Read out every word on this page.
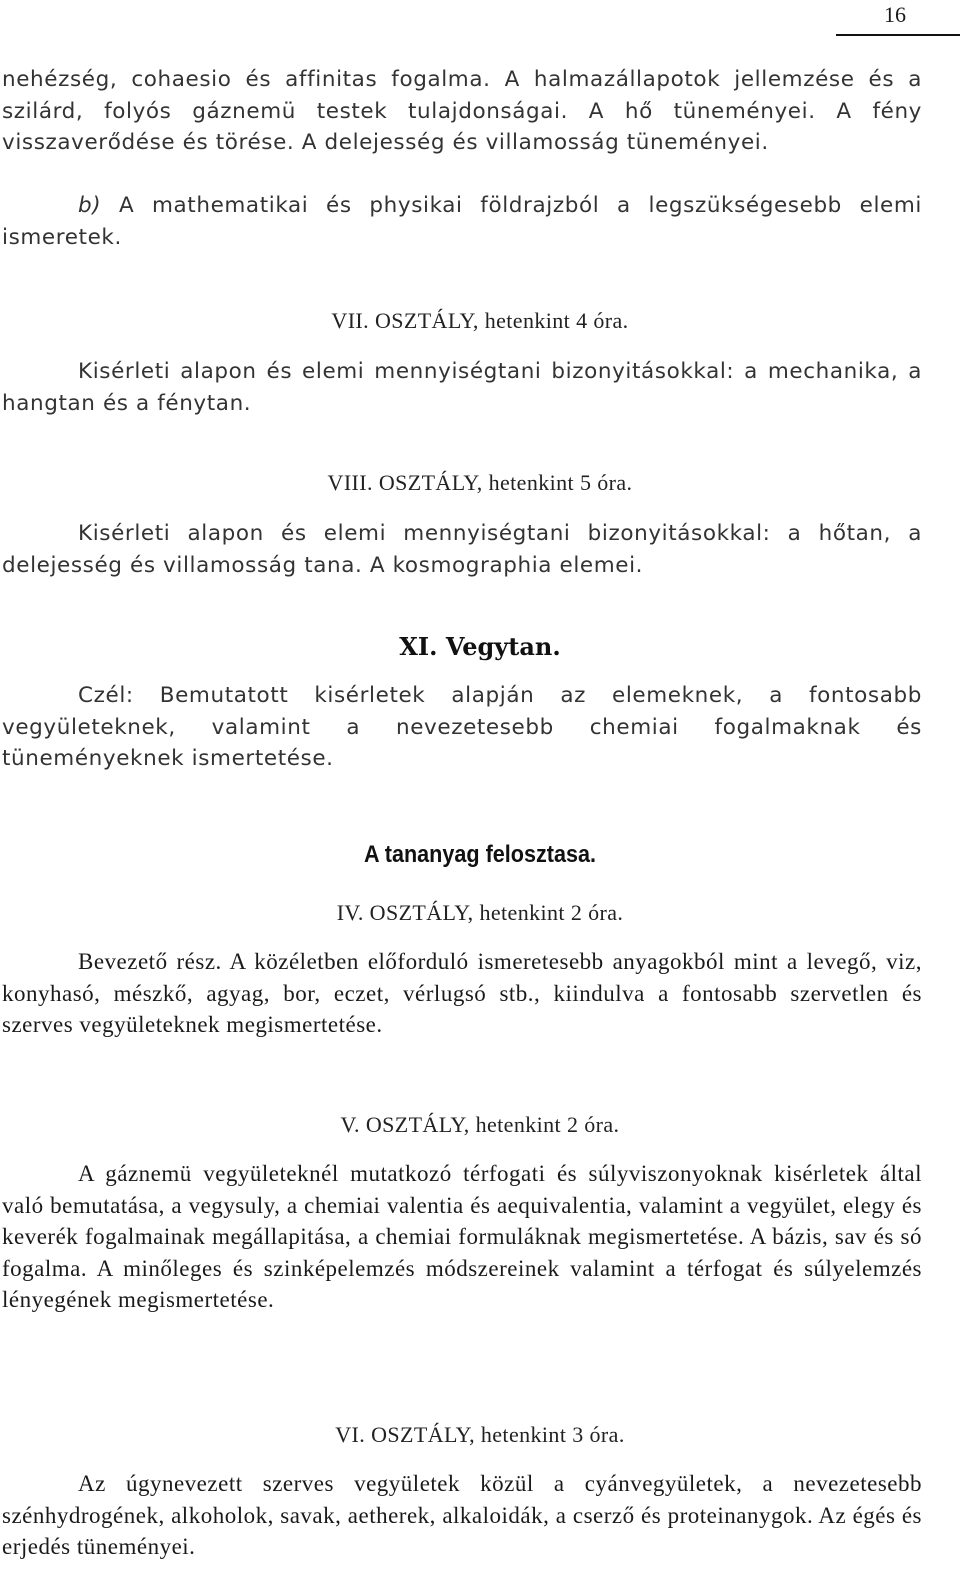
16
nehézség, cohaesio és affinitas fogalma. A halmazállapotok jellemzése és a szilárd, folyós gáznemü testek tulajdonságai. A hő tüneményei. A fény visszaverődése és törése. A delejesség és villamosság tüneményei.
b) A mathematikai és physikai földrajzból a legszükségesebb elemi ismeretek.
VII. OSZTÁLY, hetenkint 4 óra.
Kisérleti alapon és elemi mennyiségtani bizonyitásokkal: a mechanika, a hangtan és a fénytan.
VIII. OSZTÁLY, hetenkint 5 óra.
Kisérleti alapon és elemi mennyiségtani bizonyitásokkal: a hőtan, a delejesség és villamosság tana. A kosmographia elemei.
XI. Vegytan.
Czél: Bemutatott kisérletek alapján az elemeknek, a fontosabb vegyületeknek, valamint a nevezetesebb chemiai fogalmaknak és tüneményeknek ismertetése.
A tananyag felosztasa.
IV. OSZTÁLY, hetenkint 2 óra.
Bevezető rész. A közéletben előforduló ismeretesebb anyagokból mint a levegő, viz, konyhasó, mészkő, agyag, bor, eczet, vérlugsó stb., kiindulva a fontosabb szervetlen és szerves vegyületeknek megismertetése.
V. OSZTÁLY, hetenkint 2 óra.
A gáznemü vegyületeknél mutatkozó térfogati és súlyviszonyoknak kisérletek által való bemutatása, a vegysuly, a chemiai valentia és aequivalentia, valamint a vegyület, elegy és keverék fogalmainak megállapitása, a chemiai formuláknak megismertetése. A bázis, sav és só fogalma. A minőleges és szinképelemzés módszereinek valamint a térfogat és súlyelemzés lényegének megismertetése.
VI. OSZTÁLY, hetenkint 3 óra.
Az úgynevezett szerves vegyületek közül a cyánvegyületek, a nevezetesebb szénhydrogének, alkoholok, savak, aetherek, alkaloidák, a cserző és proteinanygok. Az égés és erjedés tüneményei.
